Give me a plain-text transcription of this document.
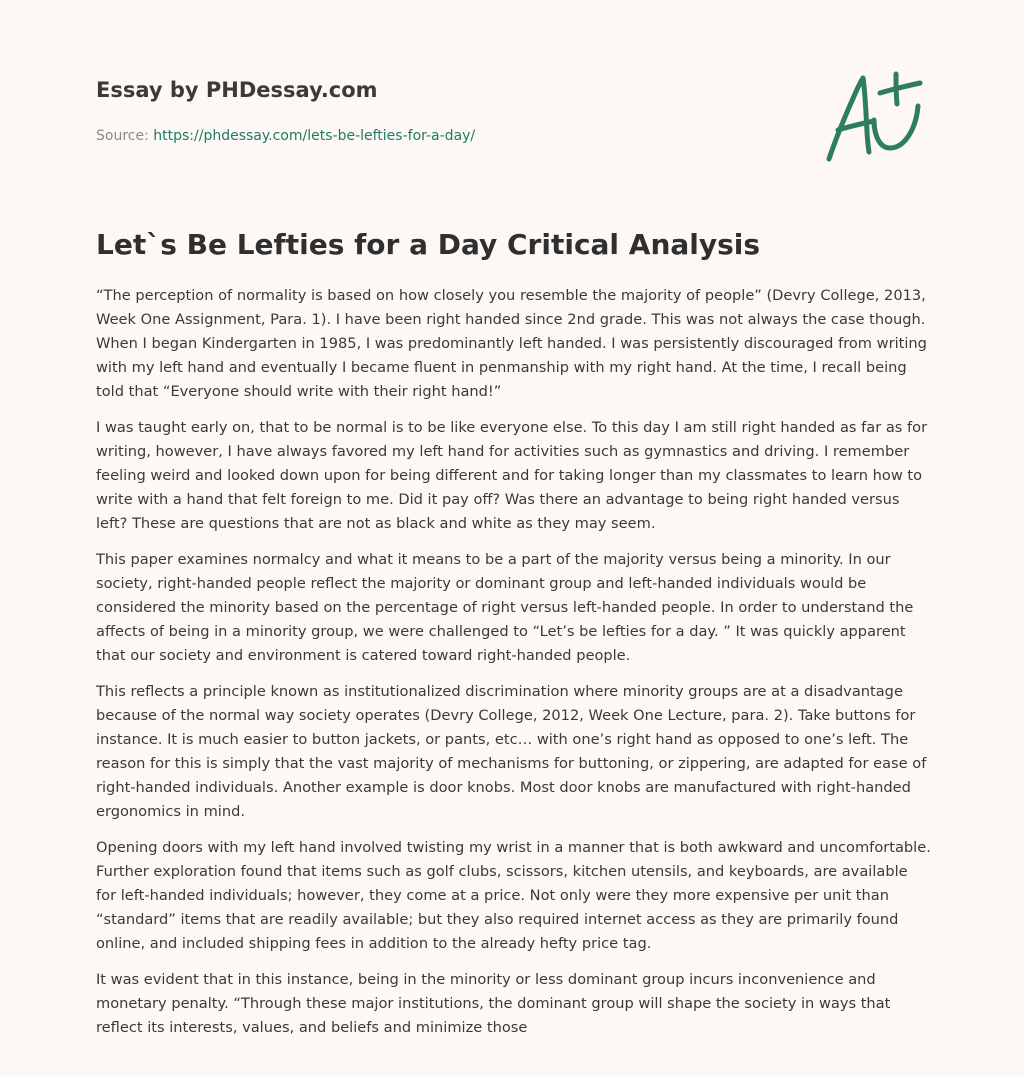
Essay by PHDessay.com
Source: https://phdessay.com/lets-be-lefties-for-a-day/
Let`s Be Lefties for a Day Critical Analysis

“The perception of normality is based on how closely you resemble the majority of people” (Devry College, 2013, Week One Assignment, Para. 1). I have been right handed since 2nd grade. This was not always the case though. When I began Kindergarten in 1985, I was predominantly left handed. I was persistently discouraged from writing with my left hand and eventually I became fluent in penmanship with my right hand. At the time, I recall being told that “Everyone should write with their right hand!”

I was taught early on, that to be normal is to be like everyone else. To this day I am still right handed as far as for writing, however, I have always favored my left hand for activities such as gymnastics and driving. I remember feeling weird and looked down upon for being different and for taking longer than my classmates to learn how to write with a hand that felt foreign to me. Did it pay off? Was there an advantage to being right handed versus left? These are questions that are not as black and white as they may seem.

This paper examines normalcy and what it means to be a part of the majority versus being a minority. In our society, right-handed people reflect the majority or dominant group and left-handed individuals would be considered the minority based on the percentage of right versus left-handed people. In order to understand the affects of being in a minority group, we were challenged to “Let’s be lefties for a day. ” It was quickly apparent that our society and environment is catered toward right-handed people.

This reflects a principle known as institutionalized discrimination where minority groups are at a disadvantage because of the normal way society operates (Devry College, 2012, Week One Lecture, para. 2). Take buttons for instance. It is much easier to button jackets, or pants, etc… with one’s right hand as opposed to one’s left. The reason for this is simply that the vast majority of mechanisms for buttoning, or zippering, are adapted for ease of right-handed individuals. Another example is door knobs. Most door knobs are manufactured with right-handed ergonomics in mind.

Opening doors with my left hand involved twisting my wrist in a manner that is both awkward and uncomfortable. Further exploration found that items such as golf clubs, scissors, kitchen utensils, and keyboards, are available for left-handed individuals; however, they come at a price. Not only were they more expensive per unit than “standard” items that are readily available; but they also required internet access as they are primarily found online, and included shipping fees in addition to the already hefty price tag.

It was evident that in this instance, being in the minority or less dominant group incurs inconvenience and monetary penalty. “Through these major institutions, the dominant group will shape the society in ways that reflect its interests, values, and beliefs and minimize those
